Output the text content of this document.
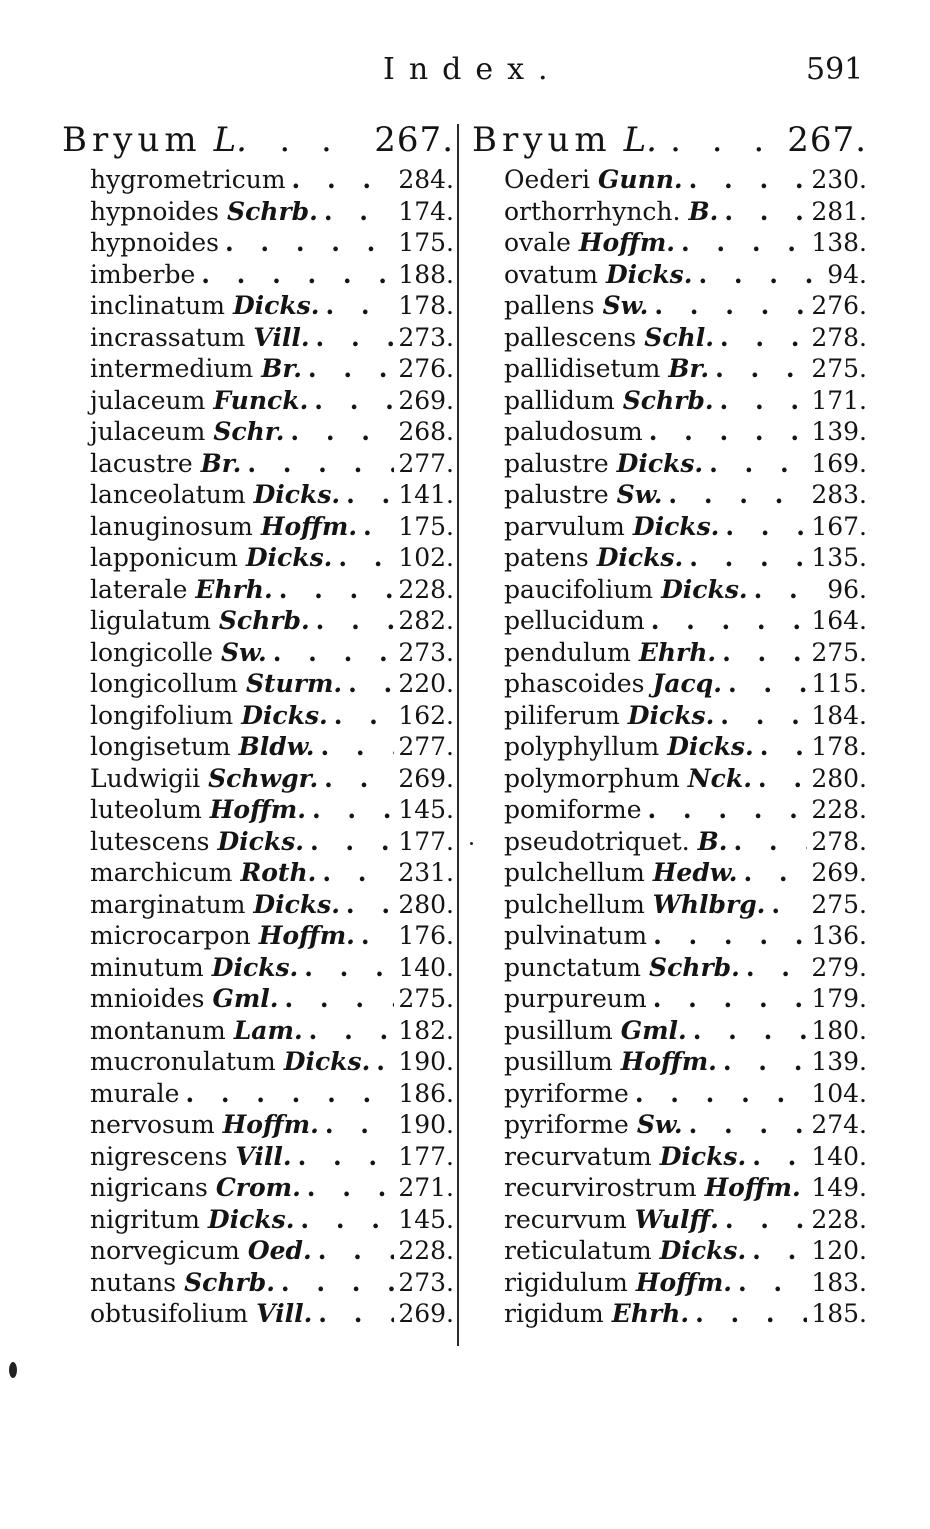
Index.	591
Bryum L. . . 267.
hygrometricum . . .	284.
hypnoides Schrb. . . .	174.
hypnoides . . .	175.
imberbe . . .	188.
inclinatum Dicks. . . .	178.
incrassatum Vill. . . .	273.
intermedium Br. . . .	276.
julaceum Funck. . . .	269.
julaceum Schr. . . .	268.
lacustre Br. . . .	277.
lanceolatum Dicks. . . . 141.
lanuginosum Hoffm. . . . 175.
lapponicum Dicks. . . .	102.
laterale Ehrh. . . .	228.
ligulatum Schrb. . . .	282.
longicolle Sw. . . .	273.
longicollum Sturm. . . . 220.
longifolium Dicks. . . .	162.
longisetum Bldw. . . .	277.
Ludwigii Schwgr. . . .	269.
luteolum Hoffm. . . .	145.
lutescens Dicks. . . .	177.
marchicum Roth. . . .	231.
marginatum Dicks. . . . 280.
microcarpon Hoffm. . . . 176.
minutum Dicks. . . .	140.
mnioides Gml. . . .	275.
montanum Lam. . . .	182.
mucronulatum Dicks. . . . 190.
murale . . .	186.
nervosum Hoffm. . . .	190.
nigrescens Vill. . . .	177.
nigricans Crom. . . .	271.
nigritum Dicks. . . .	145.
norvegicum Oed. . . .	228.
nutans Schrb. . . .	273.
obtusifolium Vill. . . .	269.
Bryum L. . . . 267.
Oederi Gunn. . . .	230.
orthorrhynch. B. . . .	281.
ovale Hoffm. . . .	138.
ovatum Dicks. . . .	94.
pallens Sw. . . .	276.
pallescens Schl. . . .	278.
pallidisetum Br. . . .	275.
pallidum Schrb. . . .	171.
paludosum . . .	139.
palustre Dicks. . . .	169.
palustre Sw. . . .	283.
parvulum Dicks. . . .	167.
patens Dicks. . . .	135.
paucifolium Dicks. . . .	96.
pellucidum . . .	164.
pendulum Ehrh. . . .	275.
phascoides Jacq. . . .	115.
piliferum Dicks. . . .	184.
polyphyllum Dicks. . . . 178.
polymorphum Nck. . . . 280.
pomiforme . . .	228.
pseudotriquet. B. . . .	278.
pulchellum Hedw. . . .	269.
pulchellum Whlbrg. . . . 275.
pulvinatum . . .	136.
punctatum Schrb. . . .	279.
purpureum . . .	179.
pusillum Gml. . . .	180.
pusillum Hoffm. . . .	139.
pyriforme . . .	104.
pyriforme Sw. . . .	274.
recurvatum Dicks. . . .	140.
recurvirostrum Hoffm. . . . 149.
recurvum Wulff. . . .	228.
reticulatum Dicks. . . .	120.
rigidulum Hoffm. . . .	183.
rigidum Ehrh. . . .	185.
